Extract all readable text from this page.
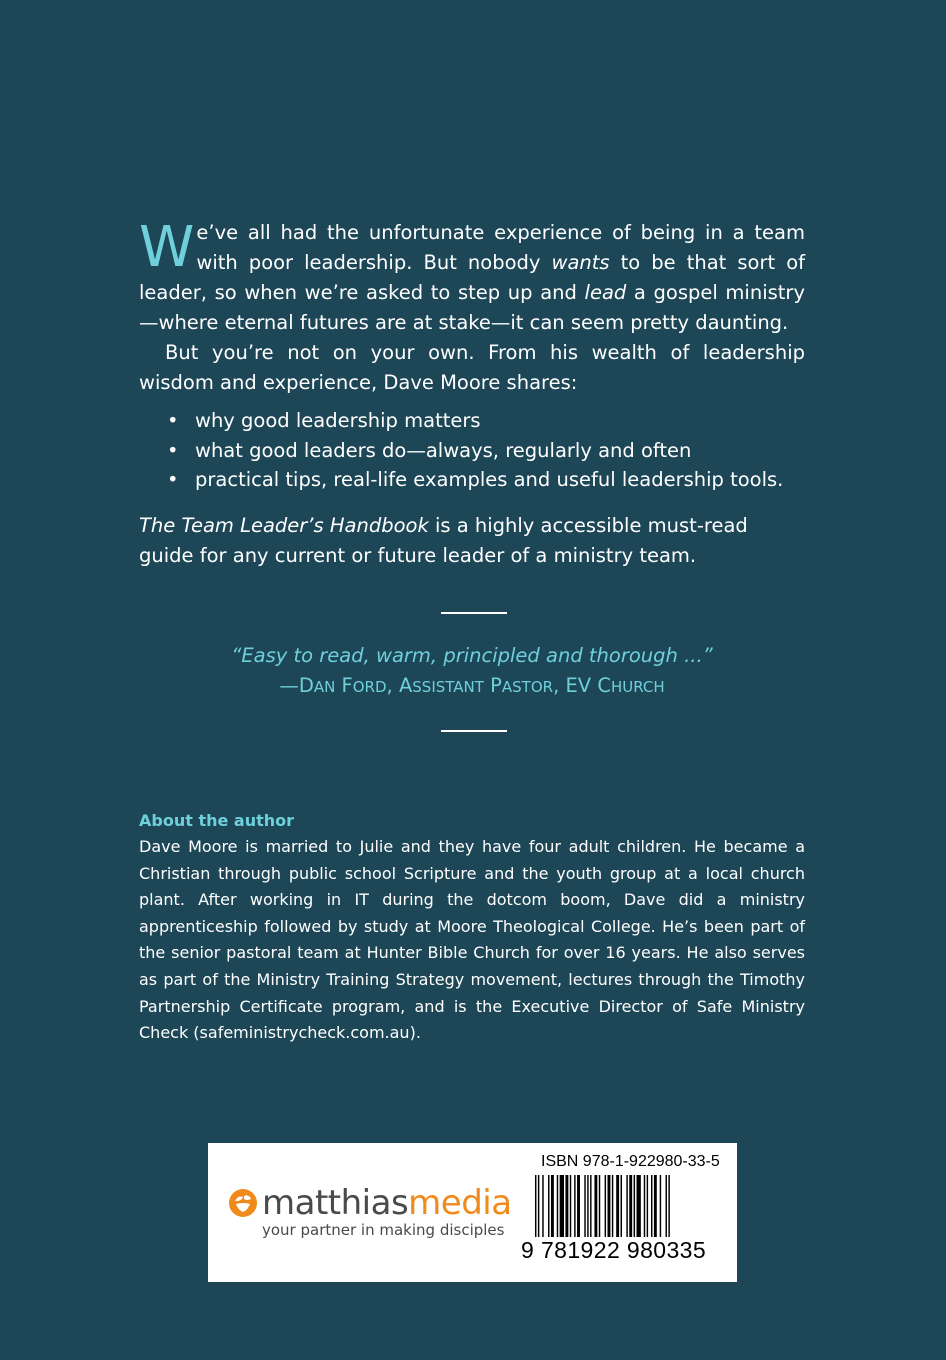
We’ve all had the unfortunate experience of being in a team with poor leadership. But nobody wants to be that sort of leader, so when we’re asked to step up and lead a gospel ministry—where eternal futures are at stake—it can seem pretty daunting.

But you’re not on your own. From his wealth of leadership wisdom and experience, Dave Moore shares:

• why good leadership matters
• what good leaders do—always, regularly and often
• practical tips, real-life examples and useful leadership tools.

The Team Leader’s Handbook is a highly accessible must-read guide for any current or future leader of a ministry team.

“Easy to read, warm, principled and thorough ...”
—DAN FORD, ASSISTANT PASTOR, EV CHURCH
About the author

Dave Moore is married to Julie and they have four adult children. He became a Christian through public school Scripture and the youth group at a local church plant. After working in IT during the dotcom boom, Dave did a ministry apprenticeship followed by study at Moore Theological College. He’s been part of the senior pastoral team at Hunter Bible Church for over 16 years. He also serves as part of the Ministry Training Strategy movement, lectures through the Timothy Partnership Certificate program, and is the Executive Director of Safe Ministry Check (safeministrycheck.com.au).

matthiasmedia
your partner in making disciples
ISBN 978-1-922980-33-5
9 781922 980335
